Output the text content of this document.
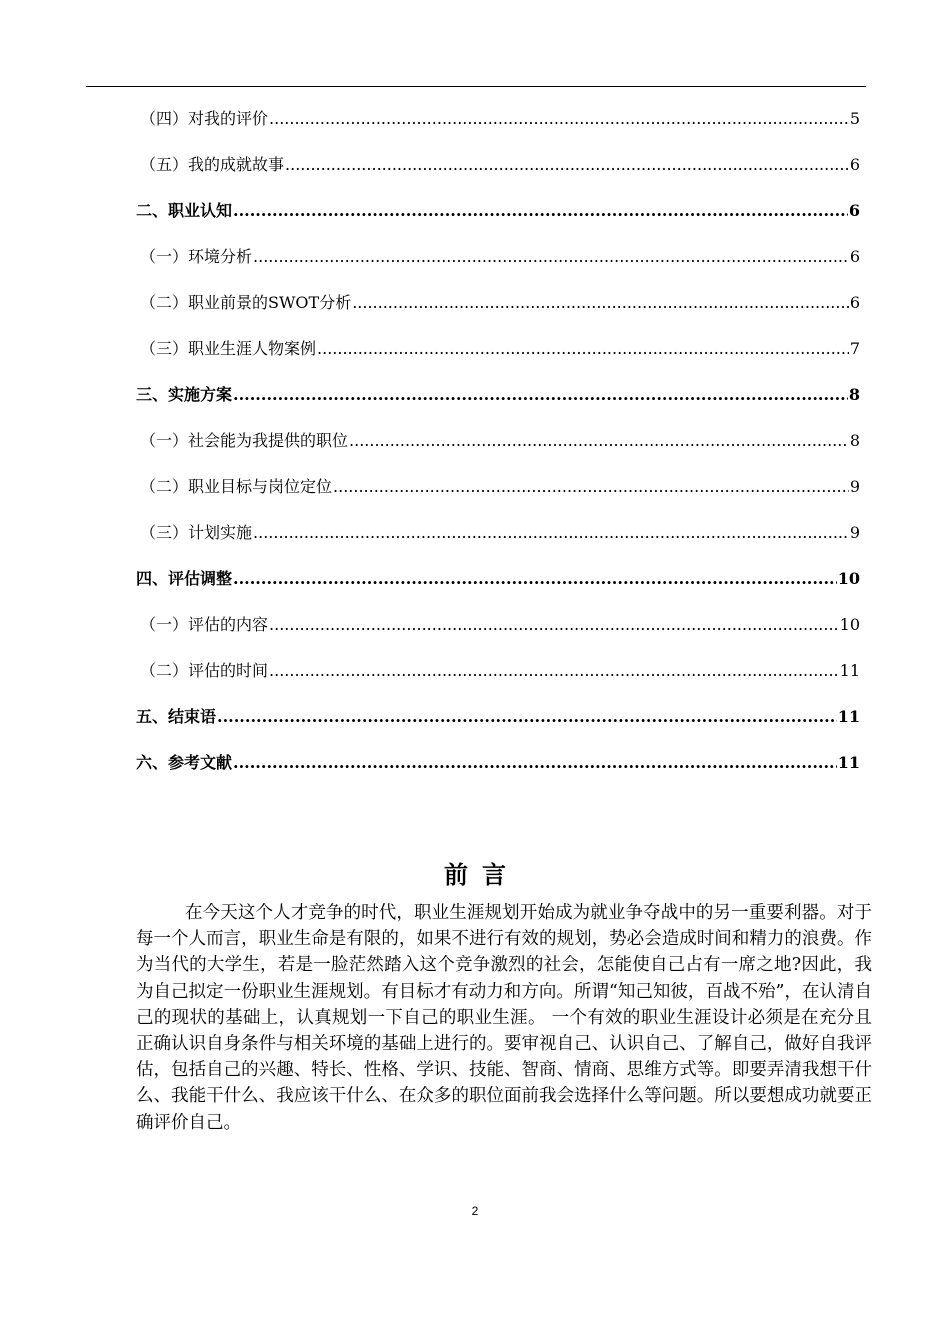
（四）对我的评价 .....	5
（五）我的成就故事 .....	6
二、职业认知 .....	6
（一）环境分析 .....	6
（二）职业前景的SWOT分析 .....	6
（三）职业生涯人物案例 .....	7
三、实施方案 .....	8
（一）社会能为我提供的职位 .....	8
（二）职业目标与岗位定位 .....	9
（三）计划实施 .....	9
四、评估调整 .....	10
（一）评估的内容 .....	10
（二）评估的时间 .....	11
五、结束语 .....	11
六、参考文献 .....	11
前言

在今天这个人才竞争的时代，职业生涯规划开始成为就业争夺战中的另一重要利器。对于每一个人而言，职业生命是有限的，如果不进行有效的规划，势必会造成时间和精力的浪费。作为当代的大学生，若是一脸茫然踏入这个竞争激烈的社会，怎能使自己占有一席之地?因此，我为自己拟定一份职业生涯规划。有目标才有动力和方向。所谓“知己知彼，百战不殆”，在认清自己的现状的基础上，认真规划一下自己的职业生涯。 一个有效的职业生涯设计必须是在充分且正确认识自身条件与相关环境的基础上进行的。要审视自己、认识自己、了解自己，做好自我评估，包括自己的兴趣、特长、性格、学识、技能、智商、情商、思维方式等。即要弄清我想干什么、我能干什么、我应该干什么、在众多的职位面前我会选择什么等问题。所以要想成功就要正确评价自己。

2
